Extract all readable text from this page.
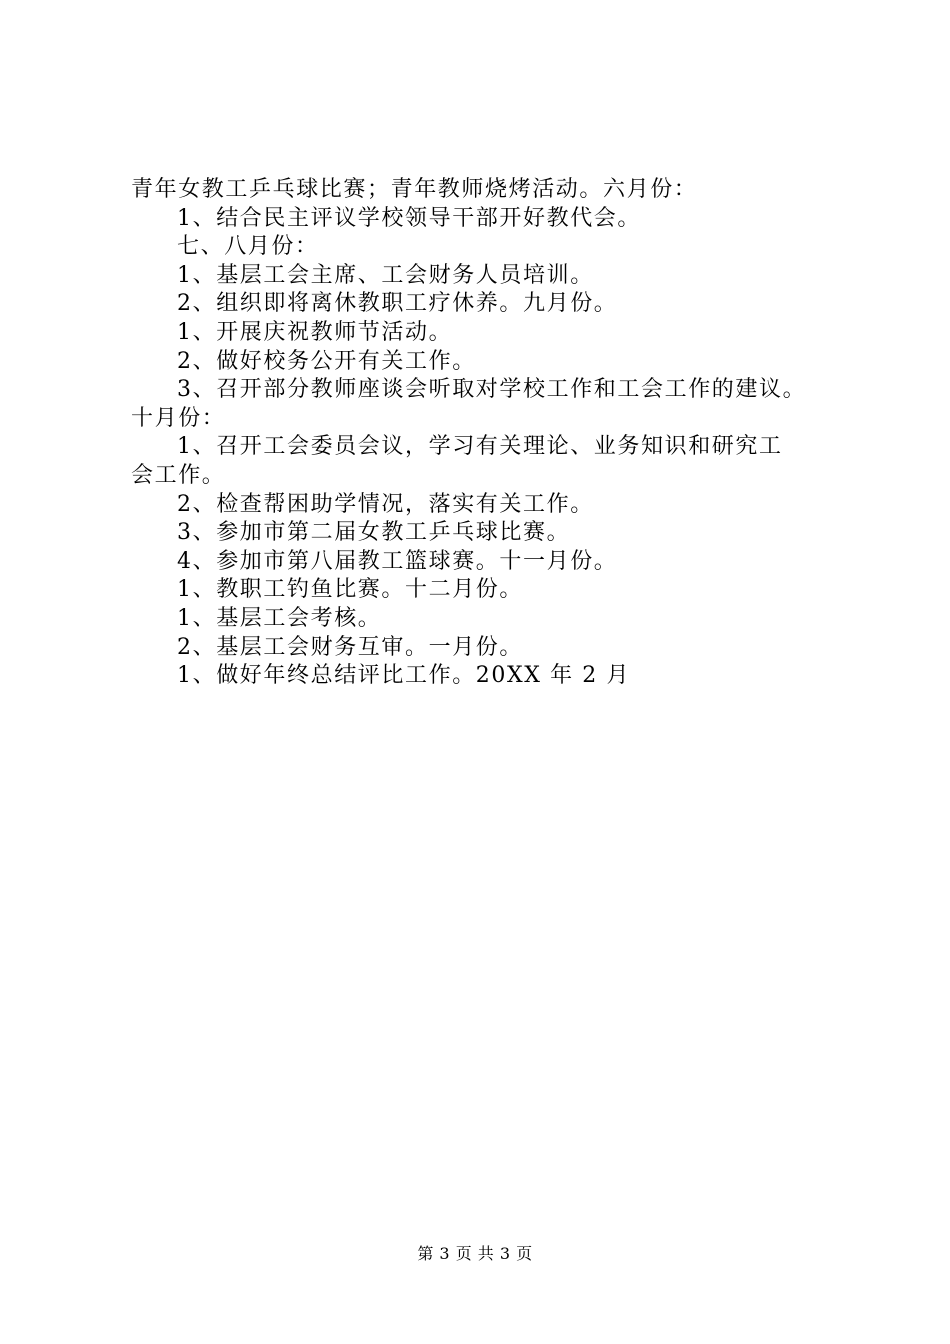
青年女教工乒乓球比赛；青年教师烧烤活动。六月份：
1、结合民主评议学校领导干部开好教代会。
七、八月份：
1、基层工会主席、工会财务人员培训。
2、组织即将离休教职工疗休养。九月份。
1、开展庆祝教师节活动。
2、做好校务公开有关工作。
3、召开部分教师座谈会听取对学校工作和工会工作的建议。
十月份：
1、召开工会委员会议，学习有关理论、业务知识和研究工
会工作。
2、检查帮困助学情况，落实有关工作。
3、参加市第二届女教工乒乓球比赛。
4、参加市第八届教工篮球赛。十一月份。
1、教职工钓鱼比赛。十二月份。
1、基层工会考核。
2、基层工会财务互审。一月份。
1、做好年终总结评比工作。20XX 年 2 月
第 3 页 共 3 页
